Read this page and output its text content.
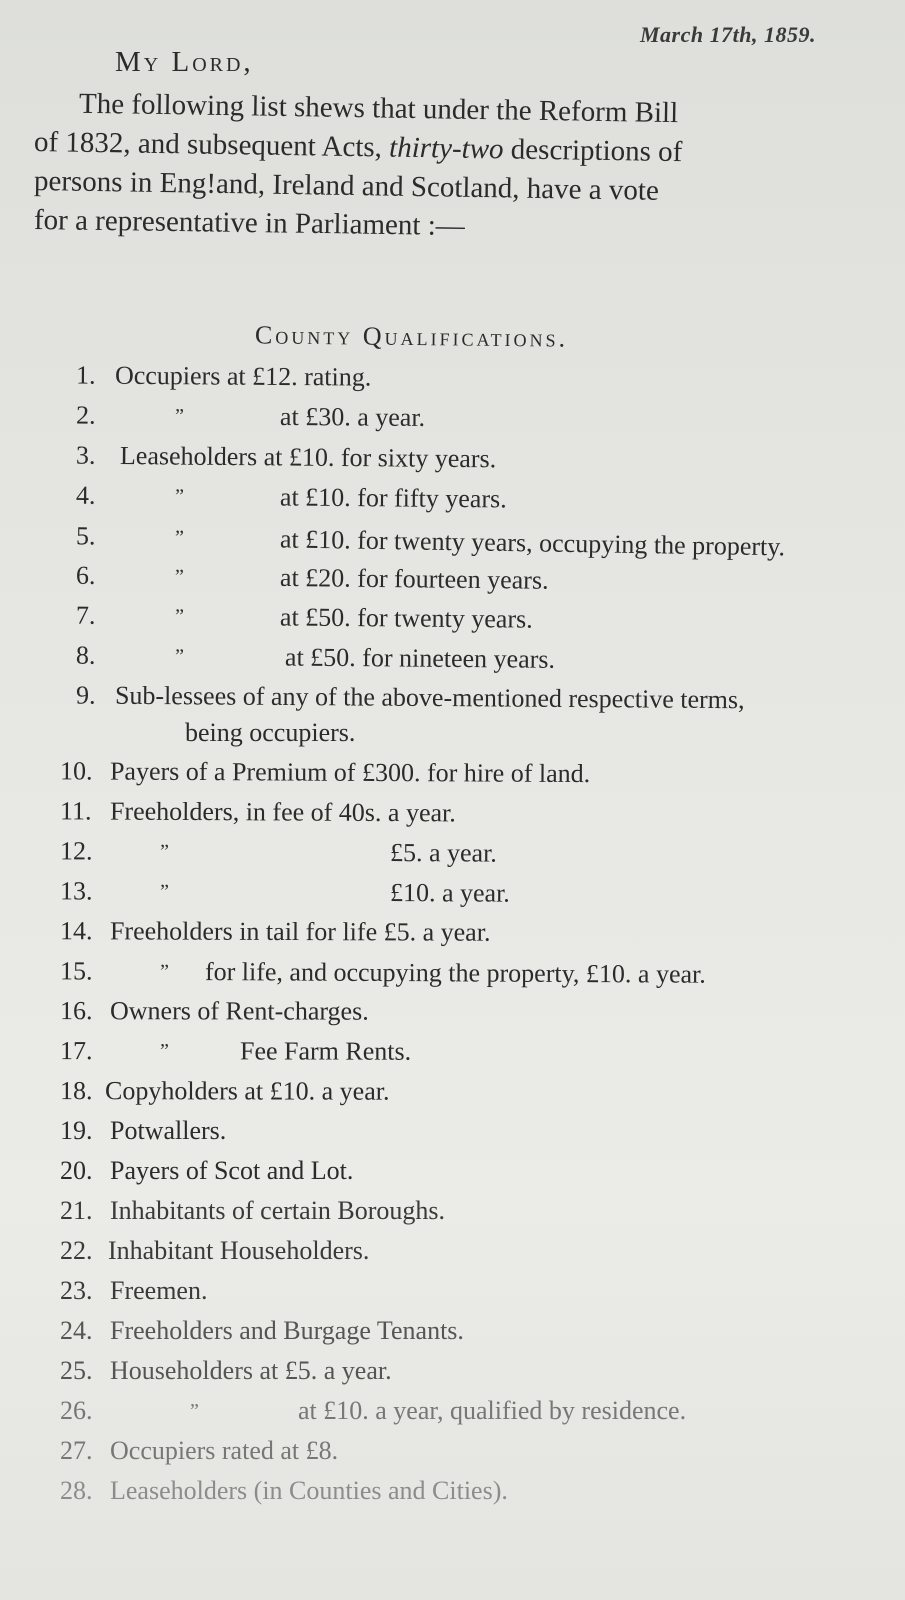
March 17th, 1859.
My Lord,
The following list shews that under the Reform Bill
of 1832, and subsequent Acts, thirty-two descriptions of
persons in Eng!and, Ireland and Scotland, have a vote
for a representative in Parliament :—
County Qualifications.
1. Occupiers at £12. rating.
2.	”	at £30. a year.
3. Leaseholders at £10. for sixty years.
4.	”	at £10. for fifty years.
5.	”	at £10. for twenty years, occupying the property.
6.	”	at £20. for fourteen years.
7.	”	at £50. for twenty years.
8.	”	at £50. for nineteen years.
9. Sub-lessees of any of the above-mentioned respective terms,
being occupiers.
10. Payers of a Premium of £300. for hire of land.
11. Freeholders, in fee of 40s. a year.
12.	”	£5. a year.
13.	”	£10. a year.
14. Freeholders in tail for life £5. a year.
15.	” for life, and occupying the property, £10. a year.
16. Owners of Rent-charges.
17.	”	Fee Farm Rents.
18. Copyholders at £10. a year.
19. Potwallers.
20. Payers of Scot and Lot.
21. Inhabitants of certain Boroughs.
22. Inhabitant Householders.
23. Freemen.
24. Freeholders and Burgage Tenants.
25. Householders at £5. a year.
26.	”	at £10. a year, qualified by residence.
27. Occupiers rated at £8.
28. Leaseholders (in Counties and Cities).
